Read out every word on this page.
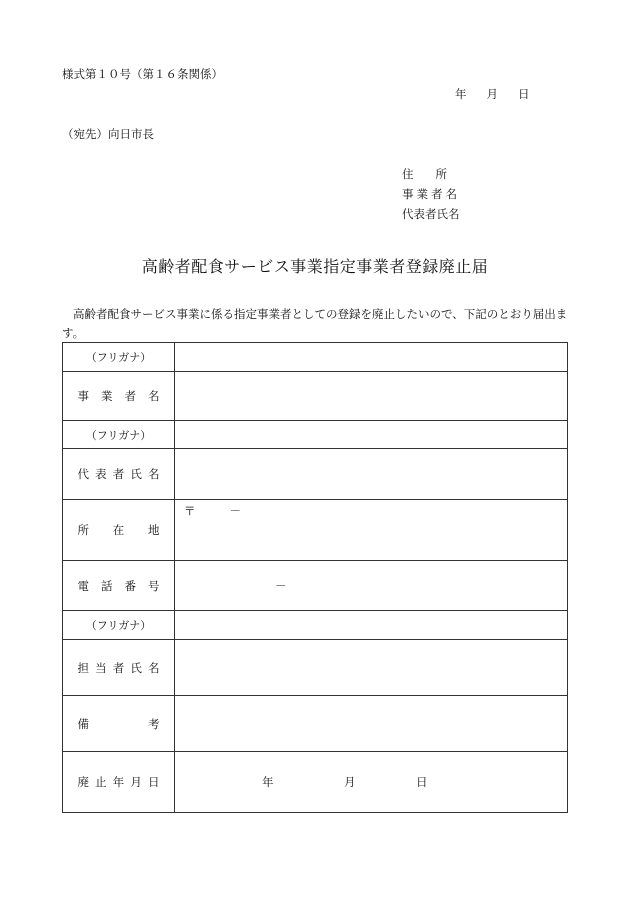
様式第１０号（第１６条関係）
年 月 日
（宛先）向日市長
住所
事業者名
代表者氏名
高齢者配食サービス事業指定事業者登録廃止届
高齢者配食サービス事業に係る指定事業者としての登録を廃止したいので、下記のとおり届出ます。
（フリガナ）	
事業者名	
（フリガナ）	
代表者氏名	
所在地	〒 －

電話番号	－

（フリガナ）	
担当者氏名	
備考	
廃止年月日	年 月 日
